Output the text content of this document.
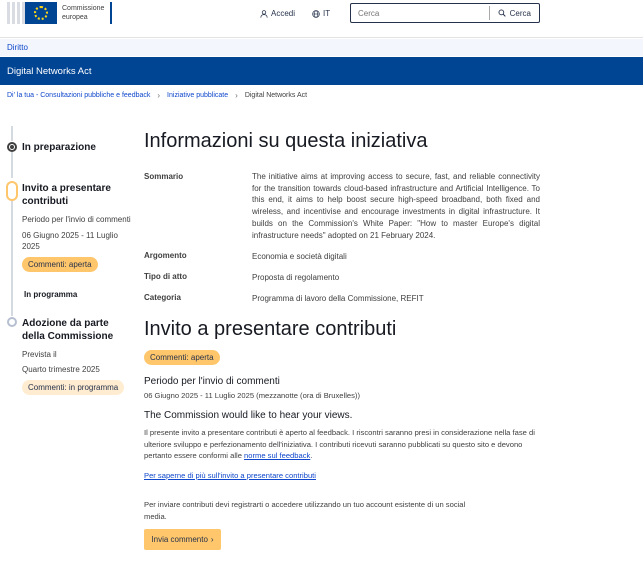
Commissione
europea	Accedi	IT
Cerca	Cerca
Diritto
Digital Networks Act
Di' la tua - Consultazioni pubbliche e feedback › Iniziative pubblicate › Digital Networks Act
In preparazione
Invito a presentare
contributi
Periodo per l'invio di commenti
06 Giugno 2025 - 11 Luglio
2025
Commenti: aperta
In programma
Adozione da parte
della Commissione
Prevista il
Quarto trimestre 2025
Commenti: in programma
Informazioni su questa iniziativa
Sommario	The initiative aims at improving access to secure, fast, and reliable connectivity for the transition towards cloud-based infrastructure and Artificial Intelligence. To this end, it aims to help boost secure high-speed broadband, both fixed and wireless, and incentivise and encourage investments in digital infrastructure. It builds on the Commission's White Paper: "How to master Europe's digital infrastructure needs" adopted on 21 February 2024.
Argomento	Economia e società digitali
Tipo di atto	Proposta di regolamento
Categoria	Programma di lavoro della Commissione, REFIT
Invito a presentare contributi
Commenti: aperta
Periodo per l'invio di commenti
06 Giugno 2025 - 11 Luglio 2025 (mezzanotte (ora di Bruxelles))
The Commission would like to hear your views.
Il presente invito a presentare contributi è aperto al feedback. I riscontri saranno presi in considerazione nella fase di ulteriore sviluppo e perfezionamento dell'iniziativa. I contributi ricevuti saranno pubblicati su questo sito e devono pertanto essere conformi alle norme sul feedback.
Per saperne di più sull'invito a presentare contributi
Per inviare contributi devi registrarti o accedere utilizzando un tuo account esistente di un social media.
Invia commento ›
